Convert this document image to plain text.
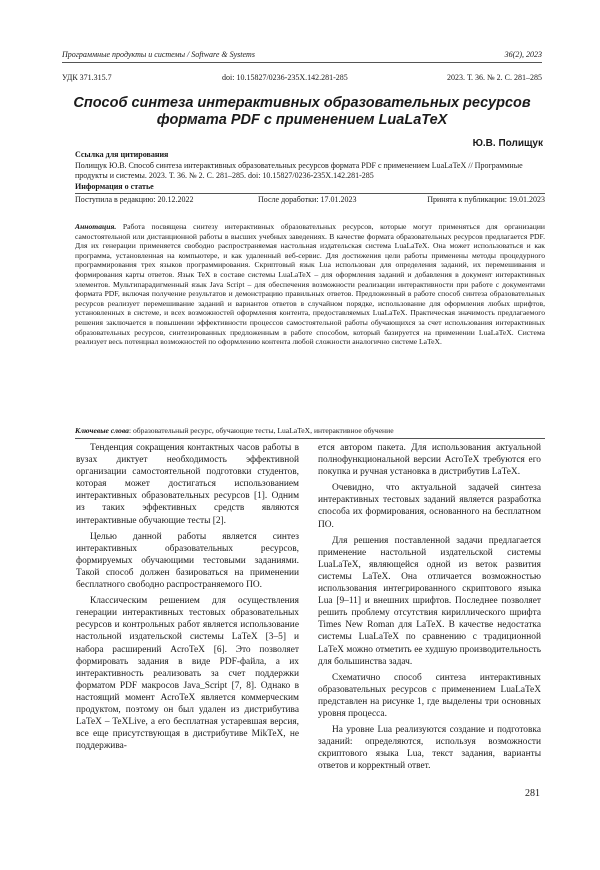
Программные продукты и системы / Software & Systems	36(2), 2023
УДК 371.315.7	doi: 10.15827/0236-235X.142.281-285	2023. Т. 36. № 2. С. 281–285
Способ синтеза интерактивных образовательных ресурсов формата PDF с применением LuaLaTeX
Ю.В. Полищук
Ссылка для цитирования
Полищук Ю.В. Способ синтеза интерактивных образовательных ресурсов формата PDF с применением LuaLaTeX // Программные продукты и системы. 2023. Т. 36. № 2. С. 281–285. doi: 10.15827/0236-235X.142.281-285
Информация о статье
Поступила в редакцию: 20.12.2022	После доработки: 17.01.2023	Принята к публикации: 19.01.2023

Аннотация. Работа посвящена синтезу интерактивных образовательных ресурсов, которые могут применяться для организации самостоятельной или дистанционной работы в высших учебных заведениях. В качестве формата образовательных ресурсов предлагается PDF. Для их генерации применяется свободно распространяемая настольная издательская система LuaLaTeX. Она может использоваться и как программа, установленная на компьютере, и как удаленный веб-сервис. Для достижения цели работы применены методы процедурного программирования трех языков программирования. Скриптовый язык Lua использован для определения заданий, их перемешивания и формирования карты ответов. Язык TeX в составе системы LuaLaTeX – для оформления заданий и добавления в документ интерактивных элементов. Мультипарадигменный язык Java Script – для обеспечения возможности реализации интерактивности при работе с документами формата PDF, включая получение результатов и демонстрацию правильных ответов. Предложенный в работе способ синтеза образовательных ресурсов реализует перемешивание заданий и вариантов ответов в случайном порядке, использование для оформления любых шрифтов, установленных в системе, и всех возможностей оформления контента, предоставляемых LuaLaTeX. Практическая значимость предлагаемого решения заключается в повышении эффективности процессов самостоятельной работы обучающихся за счет использования интерактивных образовательных ресурсов, синтезированных предложенным в работе способом, который базируется на применении LuaLaTeX. Система реализует весь потенциал возможностей по оформлению контента любой сложности аналогично системе LaTeX.

Ключевые слова: образовательный ресурс, обучающие тесты, LuaLaTeX, интерактивное обучение

Тенденция сокращения контактных часов работы в вузах диктует необходимость эффективной организации самостоятельной подготовки студентов, которая может достигаться использованием интерактивных образовательных ресурсов [1]. Одним из таких эффективных средств являются интерактивные обучающие тесты [2].

Целью данной работы является синтез интерактивных образовательных ресурсов, формируемых обучающими тестовыми заданиями. Такой способ должен базироваться на применении бесплатного свободно распространяемого ПО.

Классическим решением для осуществления генерации интерактивных тестовых образовательных ресурсов и контрольных работ является использование настольной издательской системы LaTeX [3–5] и набора расширений AcroTeX [6]. Это позволяет формировать задания в виде PDF-файла, а их интерактивность реализовать за счет поддержки форматом PDF макросов Java_Script [7, 8]. Однако в настоящий момент AcroTeX является коммерческим продуктом, поэтому он был удален из дистрибутива LaTeX – TeXLive, а его бесплатная устаревшая версия, все еще присутствующая в дистрибутиве MikTeX, не поддержива-

ется автором пакета. Для использования актуальной полнофункциональной версии AcroTeX требуются его покупка и ручная установка в дистрибутив LaTeX.

Очевидно, что актуальной задачей синтеза интерактивных тестовых заданий является разработка способа их формирования, основанного на бесплатном ПО.

Для решения поставленной задачи предлагается применение настольной издательской системы LuaLaTeX, являющейся одной из веток развития системы LaTeX. Она отличается возможностью использования интегрированного скриптового языка Lua [9–11] и внешних шрифтов. Последнее позволяет решить проблему отсутствия кириллического шрифта Times New Roman для LaTeX. В качестве недостатка системы LuaLaTeX по сравнению с традиционной LaTeX можно отметить ее худшую производительность для большинства задач.

Схематично способ синтеза интерактивных образовательных ресурсов с применением LuaLaTeX представлен на рисунке 1, где выделены три основных уровня процесса.

На уровне Lua реализуются создание и подготовка заданий: определяются, используя возможности скриптового языка Lua, текст задания, варианты ответов и корректный ответ.

281
